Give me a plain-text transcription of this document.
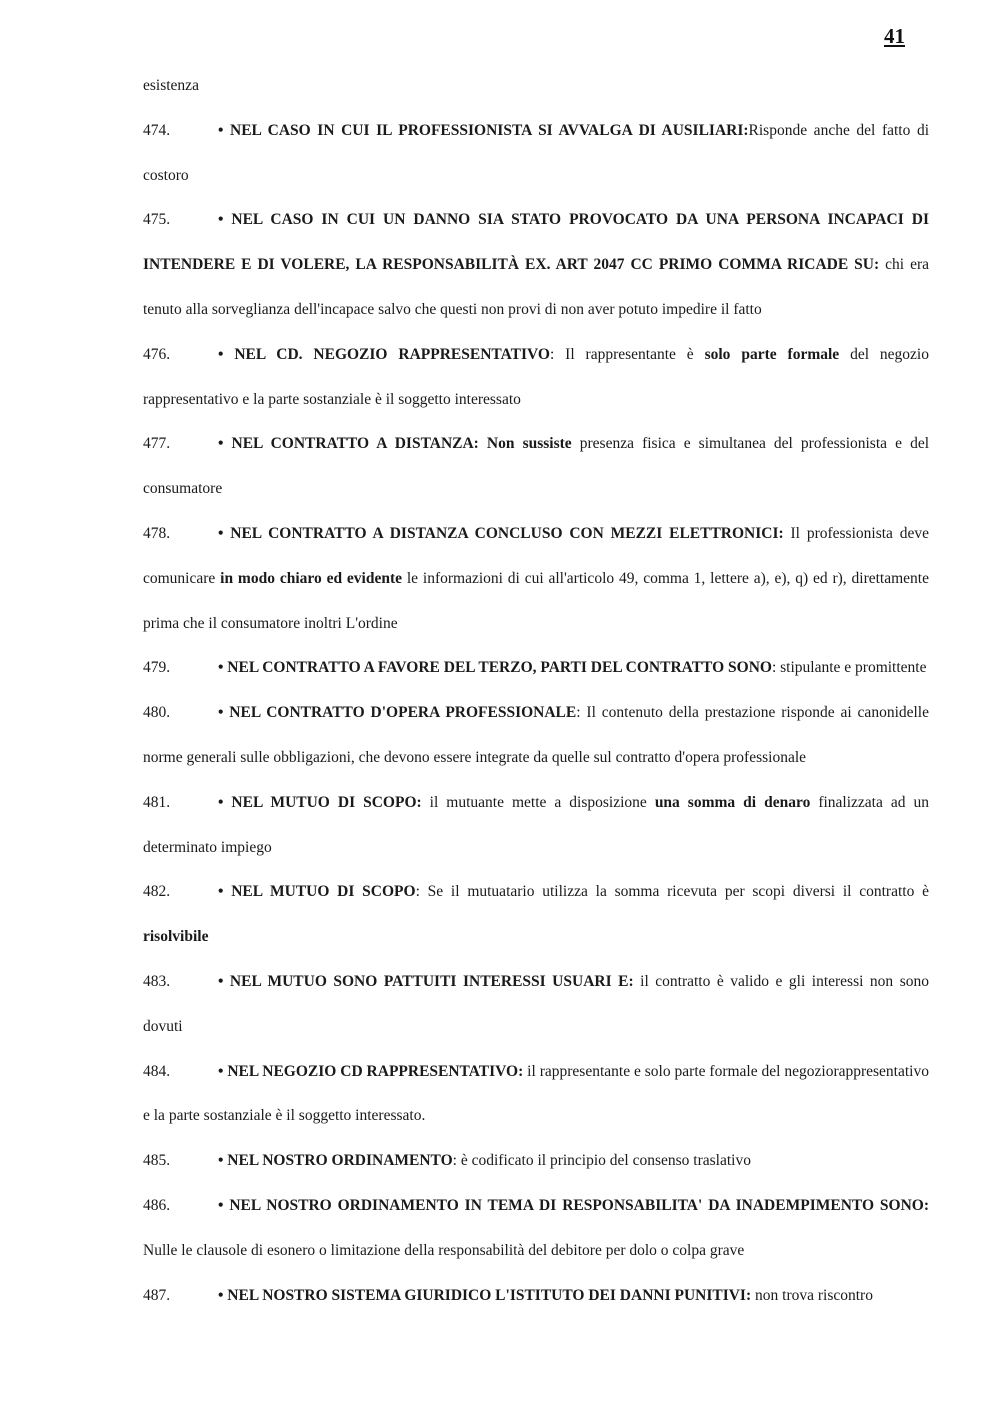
41

esistenza

474.	• NEL CASO IN CUI IL PROFESSIONISTA SI AVVALGA DI AUSILIARI:Risponde anche del fatto di costoro

475.	• NEL CASO IN CUI UN DANNO SIA STATO PROVOCATO DA UNA PERSONA INCAPACI DI INTENDERE E DI VOLERE, LA RESPONSABILITÀ EX. ART 2047 CC PRIMO COMMA RICADE SU: chi era tenuto alla sorveglianza dell'incapace salvo che questi non provi di non aver potuto impedire il fatto

476.	• NEL CD. NEGOZIO RAPPRESENTATIVO: Il rappresentante è solo parte formale del negozio rappresentativo e la parte sostanziale è il soggetto interessato

477.	• NEL CONTRATTO A DISTANZA: Non sussiste presenza fisica e simultanea del professionista e del consumatore

478.	• NEL CONTRATTO A DISTANZA CONCLUSO CON MEZZI ELETTRONICI: Il professionista deve comunicare in modo chiaro ed evidente le informazioni di cui all'articolo 49, comma 1, lettere a), e), q) ed r), direttamente prima che il consumatore inoltri L'ordine

479.	• NEL CONTRATTO A FAVORE DEL TERZO, PARTI DEL CONTRATTO SONO: stipulante e promittente

480.	• NEL CONTRATTO D'OPERA PROFESSIONALE: Il contenuto della prestazione risponde ai canonidelle norme generali sulle obbligazioni, che devono essere integrate da quelle sul contratto d'opera professionale

481.	• NEL MUTUO DI SCOPO: il mutuante mette a disposizione una somma di denaro finalizzata ad un determinato impiego

482.	• NEL MUTUO DI SCOPO: Se il mutuatario utilizza la somma ricevuta per scopi diversi il contratto è risolvibile

483.	• NEL MUTUO SONO PATTUITI INTERESSI USUARI E: il contratto è valido e gli interessi non sono dovuti

484.	• NEL NEGOZIO CD RAPPRESENTATIVO: il rappresentante e solo parte formale del negoziorappresentativo e la parte sostanziale è il soggetto interessato.

485.	• NEL NOSTRO ORDINAMENTO: è codificato il principio del consenso traslativo

486.	• NEL NOSTRO ORDINAMENTO IN TEMA DI RESPONSABILITA' DA INADEMPIMENTO SONO: Nulle le clausole di esonero o limitazione della responsabilità del debitore per dolo o colpa grave

487.	• NEL NOSTRO SISTEMA GIURIDICO L'ISTITUTO DEI DANNI PUNITIVI: non trova riscontro
